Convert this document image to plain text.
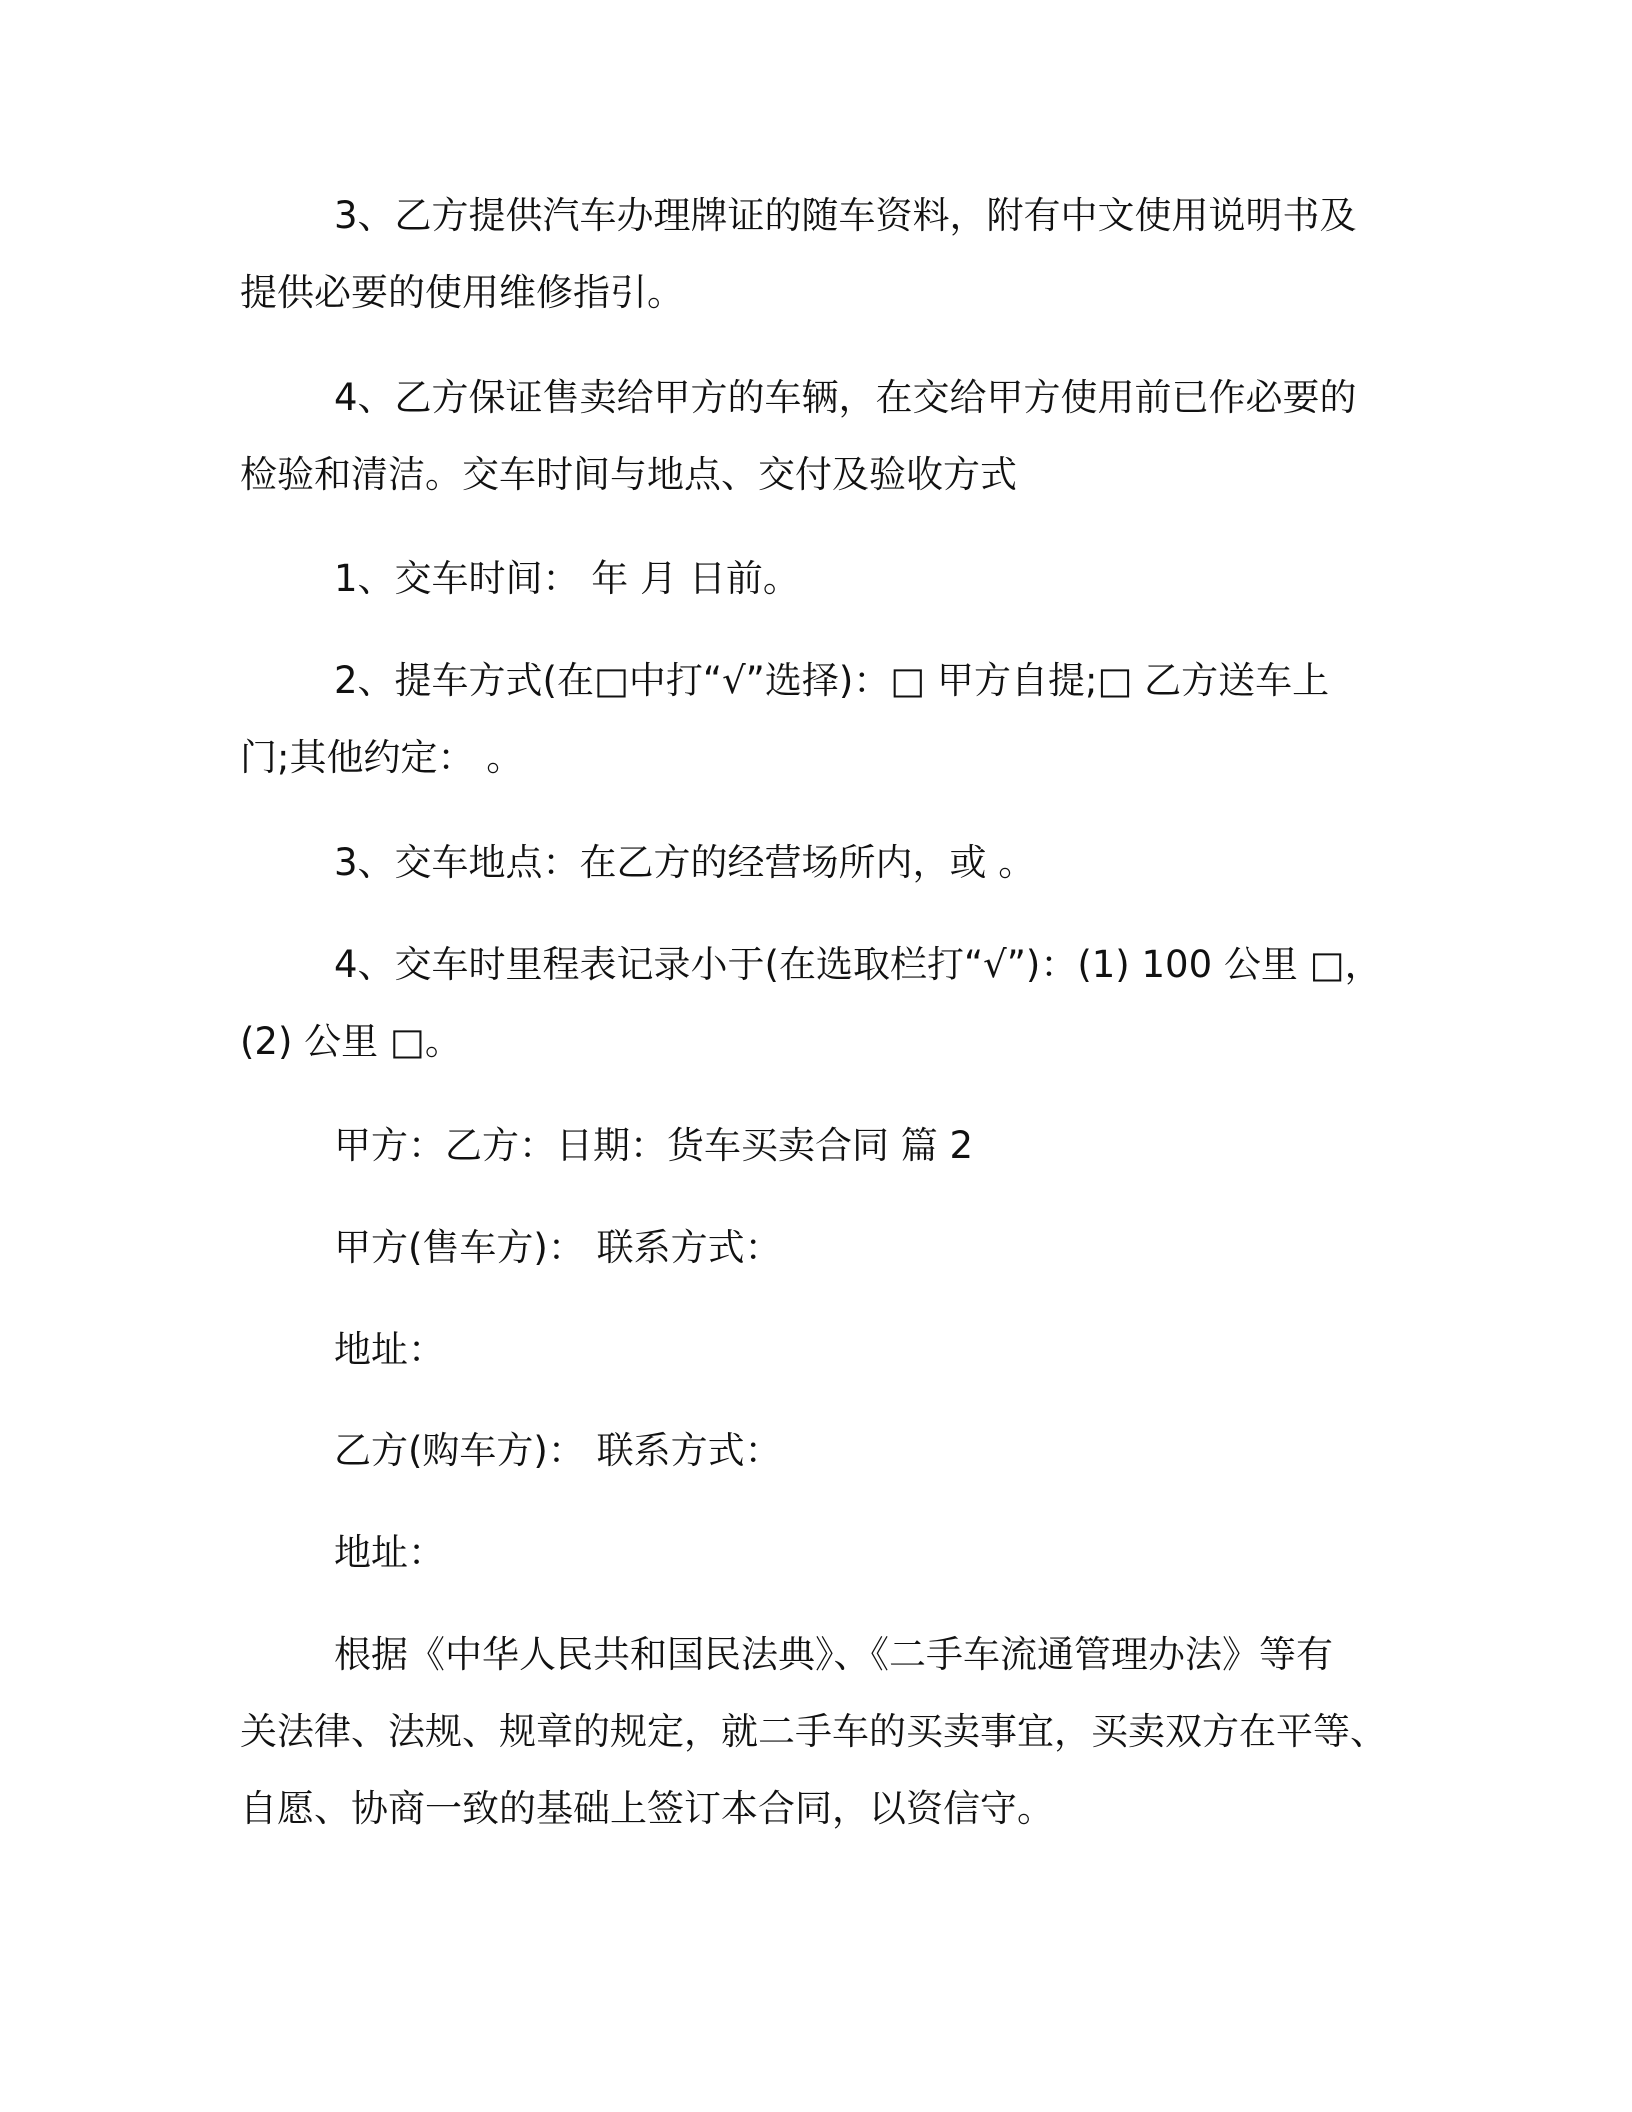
3、乙方提供汽车办理牌证的随车资料，附有中文使用说明书及
提供必要的使用维修指引。
4、乙方保证售卖给甲方的车辆，在交给甲方使用前已作必要的
检验和清洁。交车时间与地点、交付及验收方式

1、交车时间： 年 月 日前。

2、提车方式(在□中打“√”选择)：□ 甲方自提;□ 乙方送车上
门;其他约定： 。

3、交车地点：在乙方的经营场所内，或 。

4、交车时里程表记录小于(在选取栏打“√”)：(1) 100 公里 □，
(2) 公里 □。

甲方：乙方：日期：货车买卖合同 篇 2

甲方(售车方)： 联系方式：

地址：

乙方(购车方)： 联系方式：

地址：

根据《中华人民共和国民法典》、《二手车流通管理办法》等有
关法律、法规、规章的规定，就二手车的买卖事宜，买卖双方在平等、
自愿、协商一致的基础上签订本合同，以资信守。
